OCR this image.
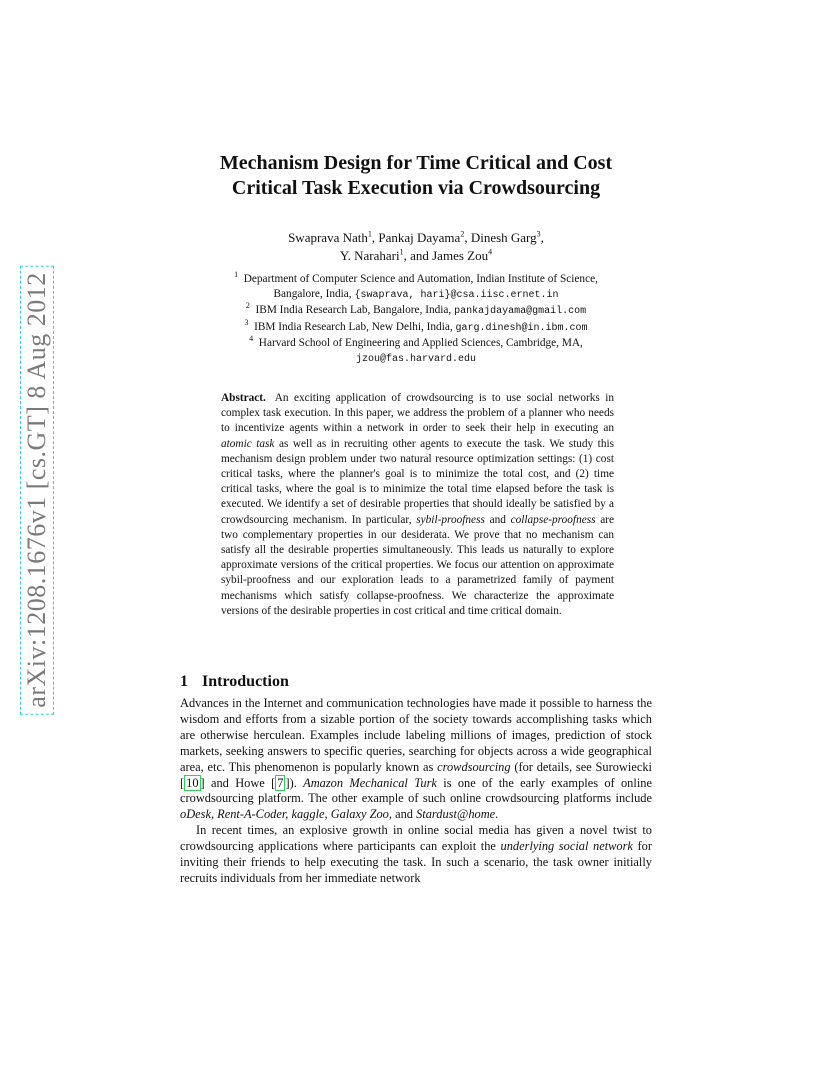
arXiv:1208.1676v1 [cs.GT] 8 Aug 2012
Mechanism Design for Time Critical and Cost
Critical Task Execution via Crowdsourcing
Swaprava Nath$^1$, Pankaj Dayama$^2$, Dinesh Garg$^3$,
Y. Narahari$^1$, and James Zou$^4$

$^1$ Department of Computer Science and Automation, Indian Institute of Science,

Bangalore, India, {swaprava, hari}@csa.iisc.ernet.in

$^2$ IBM India Research Lab, Bangalore, India, pankajdayama@gmail.com

$^3$ IBM India Research Lab, New Delhi, India, garg.dinesh@in.ibm.com

$^4$ Harvard School of Engineering and Applied Sciences, Cambridge, MA,

jzou@fas.harvard.edu

Abstract. An exciting application of crowdsourcing is to use social networks in complex task execution. In this paper, we address the problem of a planner who needs to incentivize agents within a network in order to seek their help in executing an atomic task as well as in recruiting other agents to execute the task. We study this mechanism design problem under two natural resource optimization settings: (1) cost critical tasks, where the planner's goal is to minimize the total cost, and (2) time critical tasks, where the goal is to minimize the total time elapsed before the task is executed. We identify a set of desirable properties that should ideally be satisfied by a crowdsourcing mechanism. In particular, sybil-proofness and collapse-proofness are two complementary properties in our desiderata. We prove that no mechanism can satisfy all the desirable properties simultaneously. This leads us naturally to explore approximate versions of the critical properties. We focus our attention on approximate sybil-proofness and our exploration leads to a parametrized family of payment mechanisms which satisfy collapse-proofness. We characterize the approximate versions of the desirable properties in cost critical and time critical domain.

1 Introduction

Advances in the Internet and communication technologies have made it possible to harness the wisdom and efforts from a sizable portion of the society towards accomplishing tasks which are otherwise herculean. Examples include labeling millions of images, prediction of stock markets, seeking answers to specific queries, searching for objects across a wide geographical area, etc. This phenomenon is popularly known as crowdsourcing (for details, see Surowiecki [ 10 ] and Howe [ 7 ]). Amazon Mechanical Turk is one of the early examples of online crowdsourcing platform. The other example of such online crowdsourcing platforms include oDesk, Rent-A-Coder, kaggle, Galaxy Zoo, and Stardust@home.

In recent times, an explosive growth in online social media has given a novel twist to crowdsourcing applications where participants can exploit the underlying social network for inviting their friends to help executing the task. In such a scenario, the task owner initially recruits individuals from her immediate network
